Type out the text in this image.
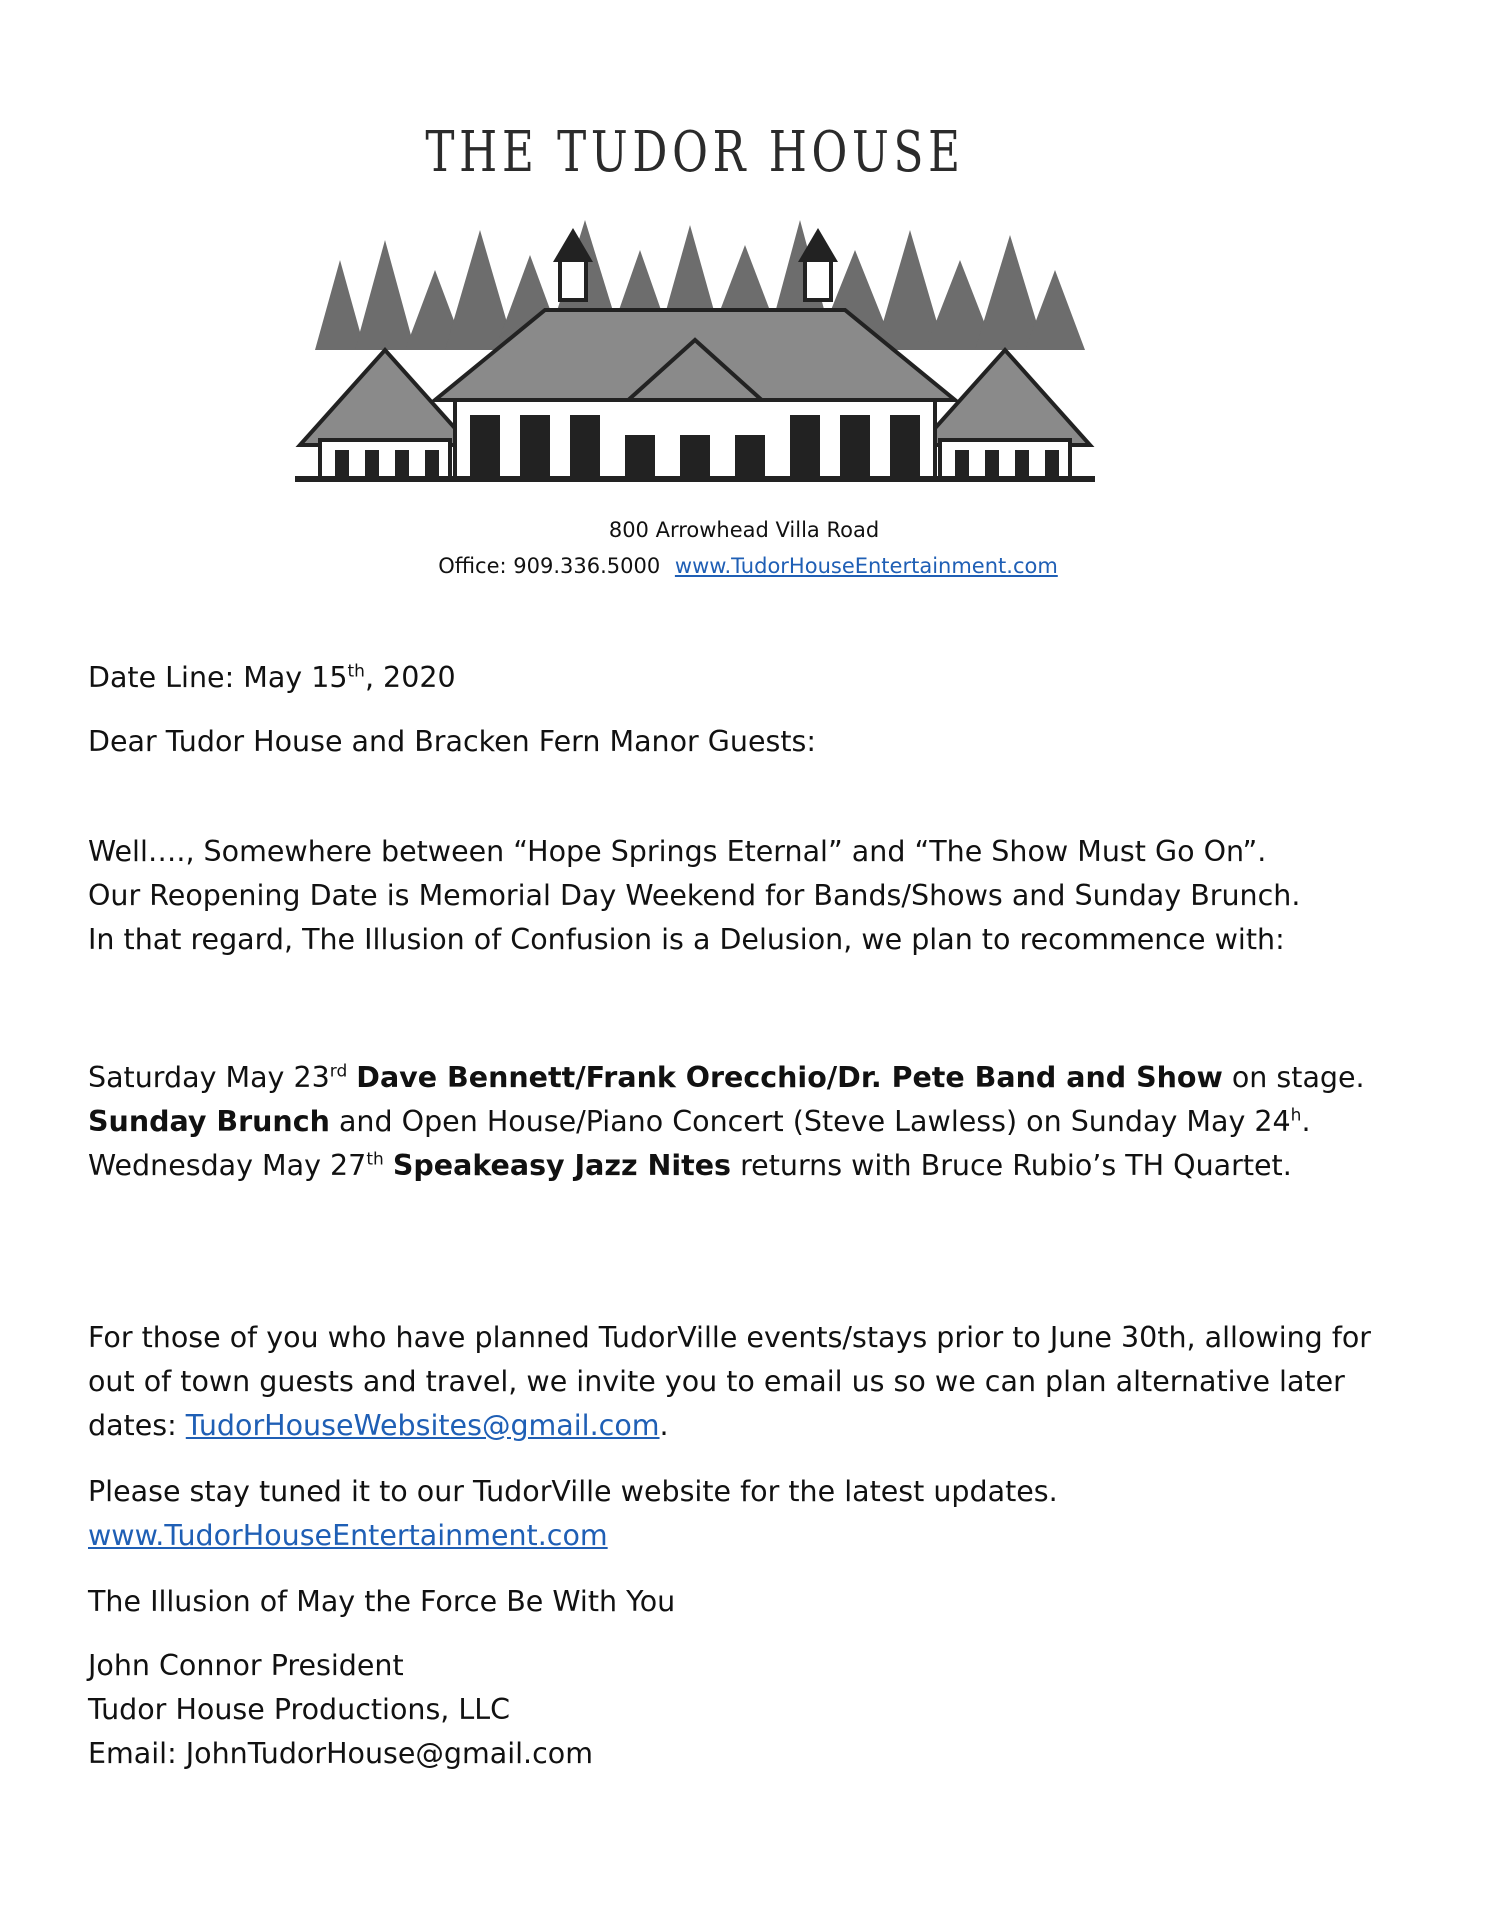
THE TUDOR HOUSE
800 Arrowhead Villa Road
Office: 909.336.5000 www.TudorHouseEntertainment.com
Date Line: May 15th, 2020
Dear Tudor House and Bracken Fern Manor Guests:
Well…., Somewhere between “Hope Springs Eternal” and “The Show Must Go On”.
Our Reopening Date is Memorial Day Weekend for Bands/Shows and Sunday Brunch.
In that regard, The Illusion of Confusion is a Delusion, we plan to recommence with:
Saturday May 23rd Dave Bennett/Frank Orecchio/Dr. Pete Band and Show on stage. Sunday Brunch and Open House/Piano Concert (Steve Lawless) on Sunday May 24$^h$. Wednesday May 27th Speakeasy Jazz Nites returns with Bruce Rubio’s TH Quartet.
For those of you who have planned TudorVille events/stays prior to June 30th, allowing for out of town guests and travel, we invite you to email us so we can plan alternative later dates: TudorHouseWebsites@gmail.com.
Please stay tuned it to our TudorVille website for the latest updates.
www.TudorHouseEntertainment.com
The Illusion of May the Force Be With You
John Connor President
Tudor House Productions, LLC
Email: JohnTudorHouse@gmail.com
